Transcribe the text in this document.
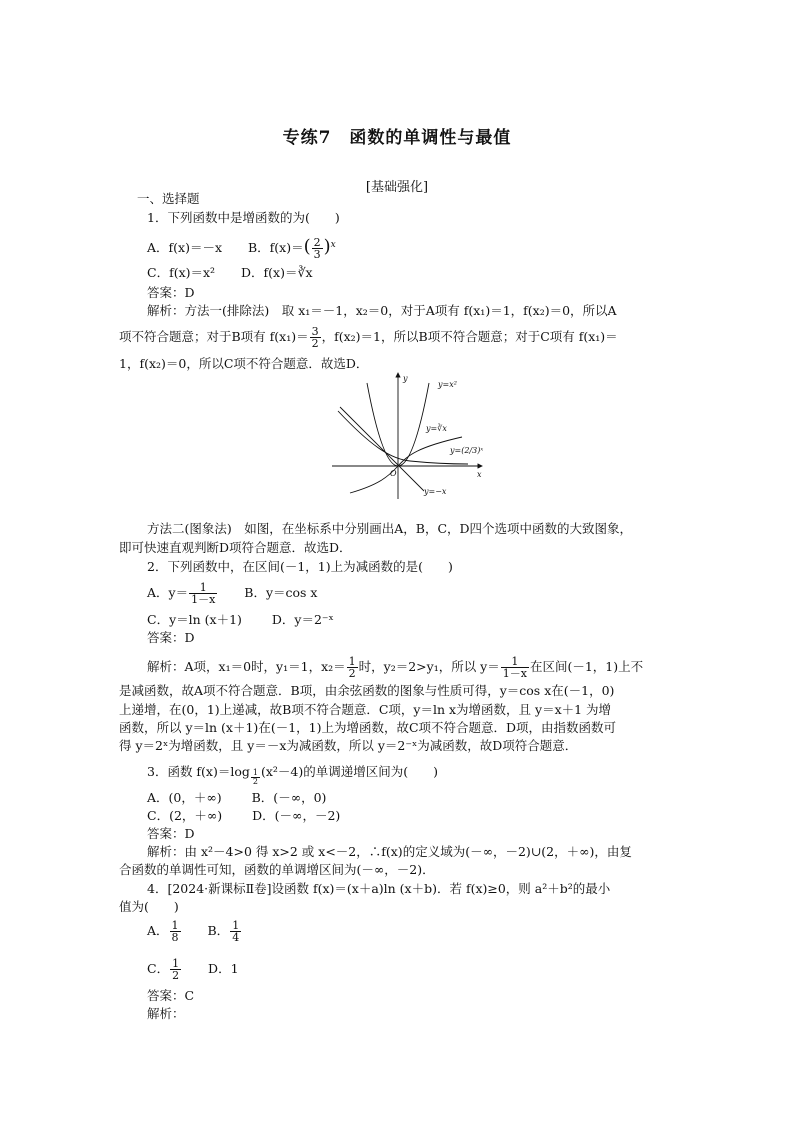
专练7　函数的单调性与最值
[基础强化]
一、选择题
1．下列函数中是增函数的为(　　)
A．f(x)＝－x B．$f(x)=( \frac{2}{3} )^x$
C．f(x)＝x² D．f(x)＝∛x
答案：D
解析：方法一(排除法)　取 x₁＝－1，x₂＝0，对于A项有 f(x₁)＝1，f(x₂)＝0，所以A
项不符合题意；对于B项有 $f(x_1)= \frac{3}{2}$ ，f(x₂)＝1，所以B项不符合题意；对于C项有 f(x₁)＝
1，f(x₂)＝0，所以C项不符合题意．故选D．
O	x
y
y=x²
y=∛x
y=(2/3)ˣ
y=−x
方法二(图象法)　如图，在坐标系中分别画出A，B，C，D四个选项中函数的大致图象，
即可快速直观判断D项符合题意．故选D．
2．下列函数中，在区间(－1，1)上为减函数的是(　　)
A．$y= \frac{1}{1-x}$ B．y＝cos x
C．y＝ln (x＋1) D．y＝2⁻ˣ
答案：D
解析：A项，x₁＝0时，y₁＝1，$x_2= \frac{1}{2}$ 时，y₂＝2>y₁，所以 $y= \frac{1}{1-x}$ 在区间(－1，1)上不
是减函数，故A项不符合题意．B项，由余弦函数的图象与性质可得，y＝cos x在(－1，0)
上递增，在(0，1)上递减，故B项不符合题意．C项，y＝ln x为增函数，且 y＝x＋1 为增
函数，所以 y＝ln (x＋1)在(－1，1)上为增函数，故C项不符合题意．D项，由指数函数可
得 y＝2ˣ为增函数，且 y＝－x为减函数，所以 y＝2⁻ˣ为减函数，故D项符合题意．
3．函数 $f(x)=\log \frac{1}{2} (x^2-4)$的单调递增区间为(　　)
A．(0，＋∞) B．(－∞，0)
C．(2，＋∞) D．(－∞，－2)
答案：D
解析：由 x²－4>0 得 x>2 或 x<－2，∴f(x)的定义域为(－∞，－2)∪(2，＋∞)，由复
合函数的单调性可知，函数的单调增区间为(－∞，－2)．
4．[2024·新课标Ⅱ卷]设函数 f(x)＝(x＋a)ln (x＋b)．若 f(x)≥0，则 a²＋b²的最小
值为(　　)
A． $\frac{1}{8}$ B． $\frac{1}{4}$
C． $\frac{1}{2}$ D．1
答案：C
解析：
